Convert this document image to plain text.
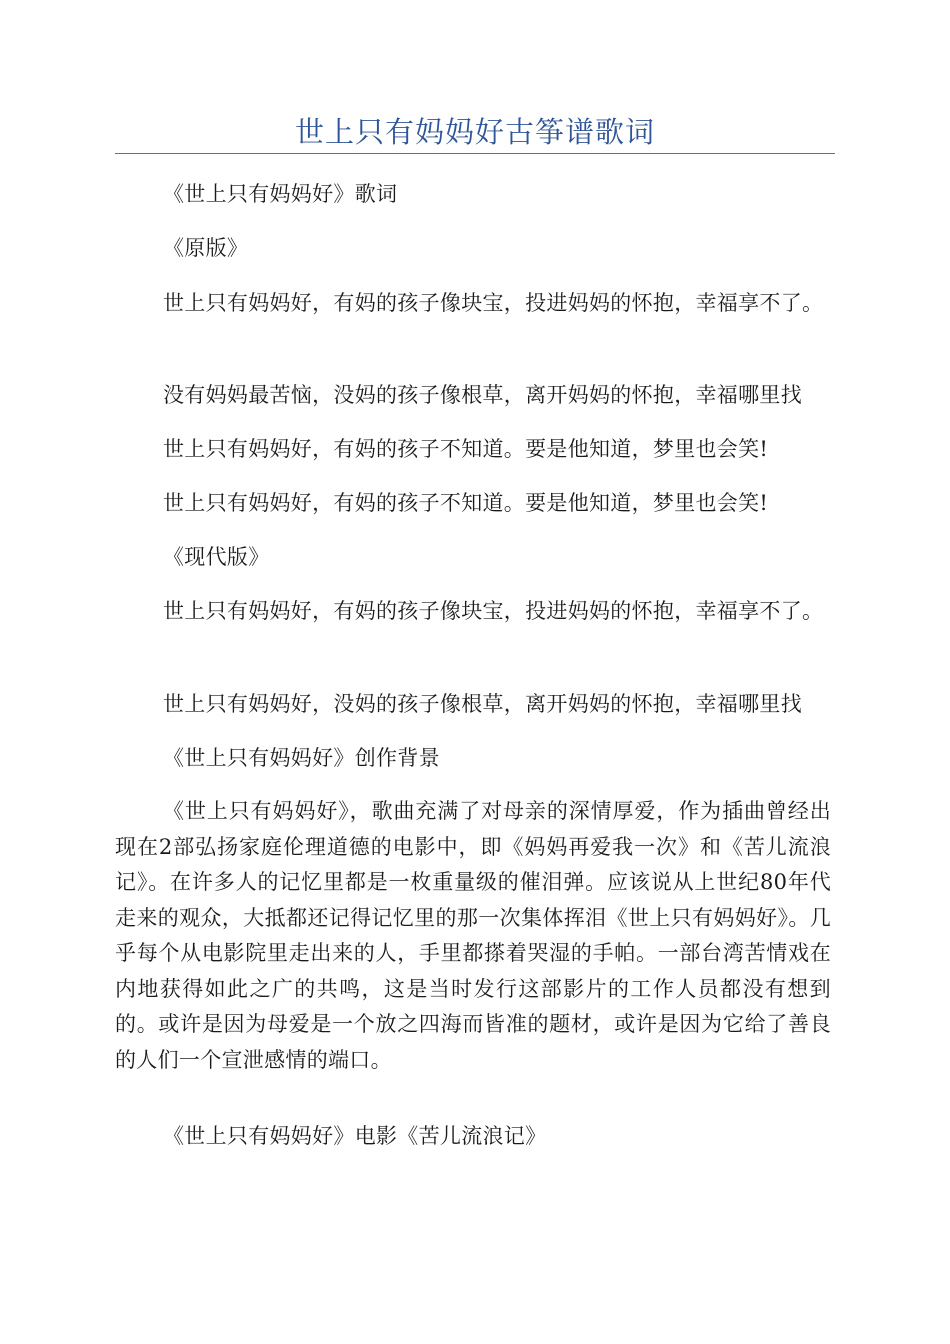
世上只有妈妈好古筝谱歌词

《世上只有妈妈好》歌词

《原版》

世上只有妈妈好，有妈的孩子像块宝，投进妈妈的怀抱，幸福享不了。

没有妈妈最苦恼，没妈的孩子像根草，离开妈妈的怀抱，幸福哪里找

世上只有妈妈好，有妈的孩子不知道。要是他知道，梦里也会笑!

世上只有妈妈好，有妈的孩子不知道。要是他知道，梦里也会笑!

《现代版》

世上只有妈妈好，有妈的孩子像块宝，投进妈妈的怀抱，幸福享不了。

世上只有妈妈好，没妈的孩子像根草，离开妈妈的怀抱，幸福哪里找

《世上只有妈妈好》创作背景

《世上只有妈妈好》，歌曲充满了对母亲的深情厚爱，作为插曲曾经出现在2部弘扬家庭伦理道德的电影中，即《妈妈再爱我一次》和《苦儿流浪记》。在许多人的记忆里都是一枚重量级的催泪弹。应该说从上世纪80年代走来的观众，大抵都还记得记忆里的那一次集体挥泪《世上只有妈妈好》。几乎每个从电影院里走出来的人，手里都搽着哭湿的手帕。一部台湾苦情戏在内地获得如此之广的共鸣，这是当时发行这部影片的工作人员都没有想到的。或许是因为母爱是一个放之四海而皆准的题材，或许是因为它给了善良的人们一个宣泄感情的端口。

《世上只有妈妈好》电影《苦儿流浪记》
